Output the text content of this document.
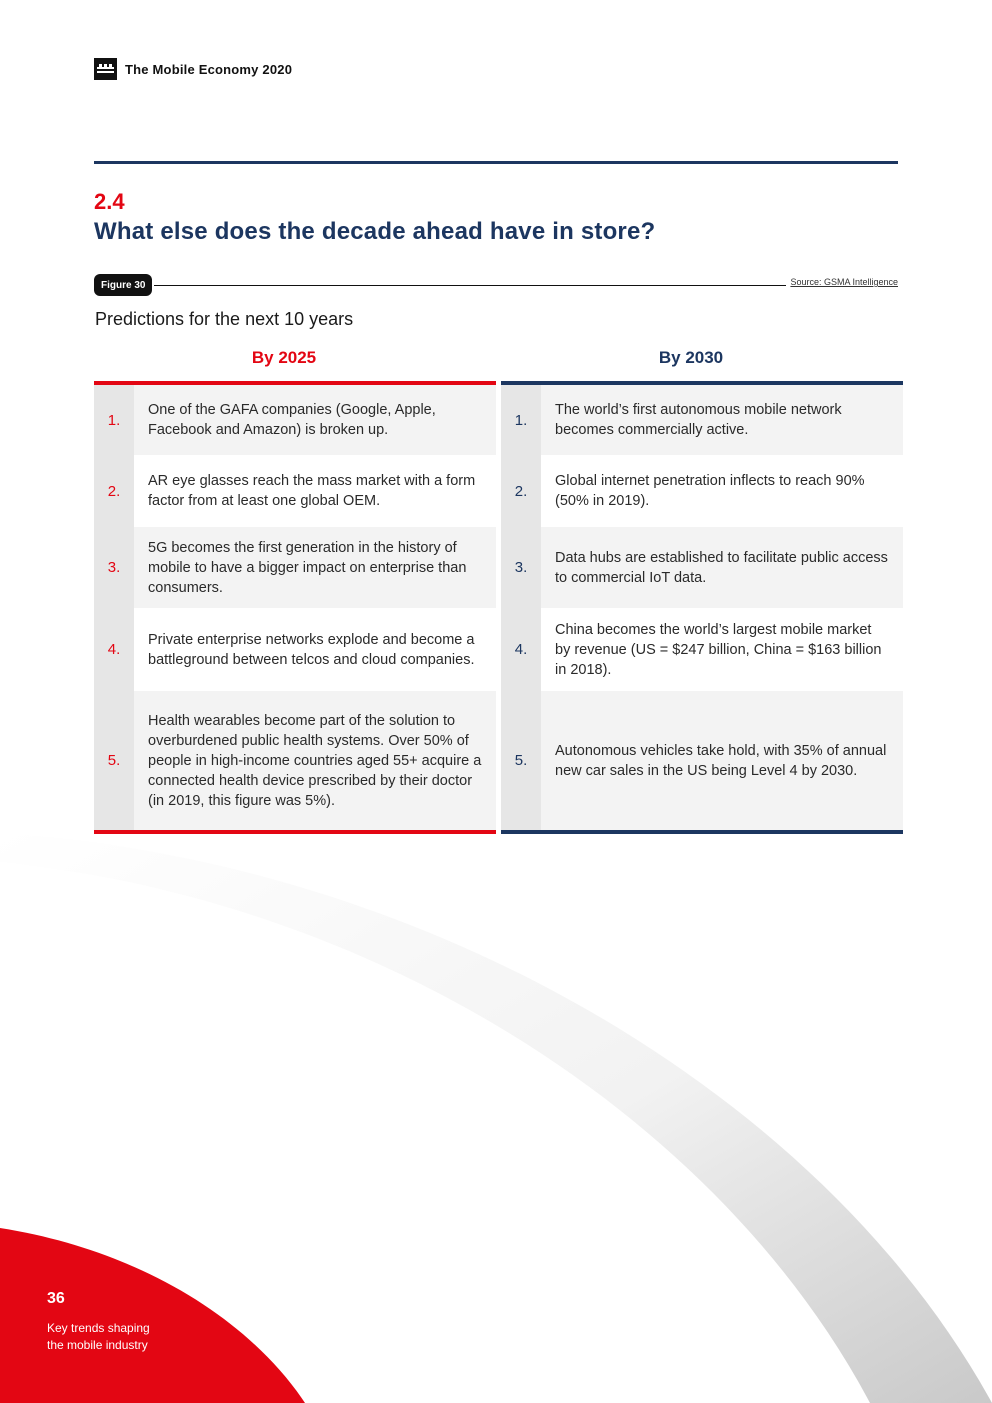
The Mobile Economy 2020
2.4
What else does the decade ahead have in store?
Figure 30	Source: GSMA Intelligence
Predictions for the next 10 years
By 2025	By 2030
1.
One of the GAFA companies (Google, Apple, Facebook and Amazon) is broken up.
2.
AR eye glasses reach the mass market with a form factor from at least one global OEM.
3.
5G becomes the first generation in the history of mobile to have a bigger impact on enterprise than consumers.
4.
Private enterprise networks explode and become a battleground between telcos and cloud companies.
5.
Health wearables become part of the solution to overburdened public health systems. Over 50% of people in high-income countries aged 55+ acquire a connected health device prescribed by their doctor (in 2019, this figure was 5%).
1.
The world’s first autonomous mobile network becomes commercially active.
2.
Global internet penetration inflects to reach 90% (50% in 2019).
3.
Data hubs are established to facilitate public access to commercial IoT data.
4.
China becomes the world’s largest mobile market by revenue (US = $247 billion, China = $163 billion in 2018).
5.
Autonomous vehicles take hold, with 35% of annual new car sales in the US being Level 4 by 2030.
36
Key trends shaping
the mobile industry
